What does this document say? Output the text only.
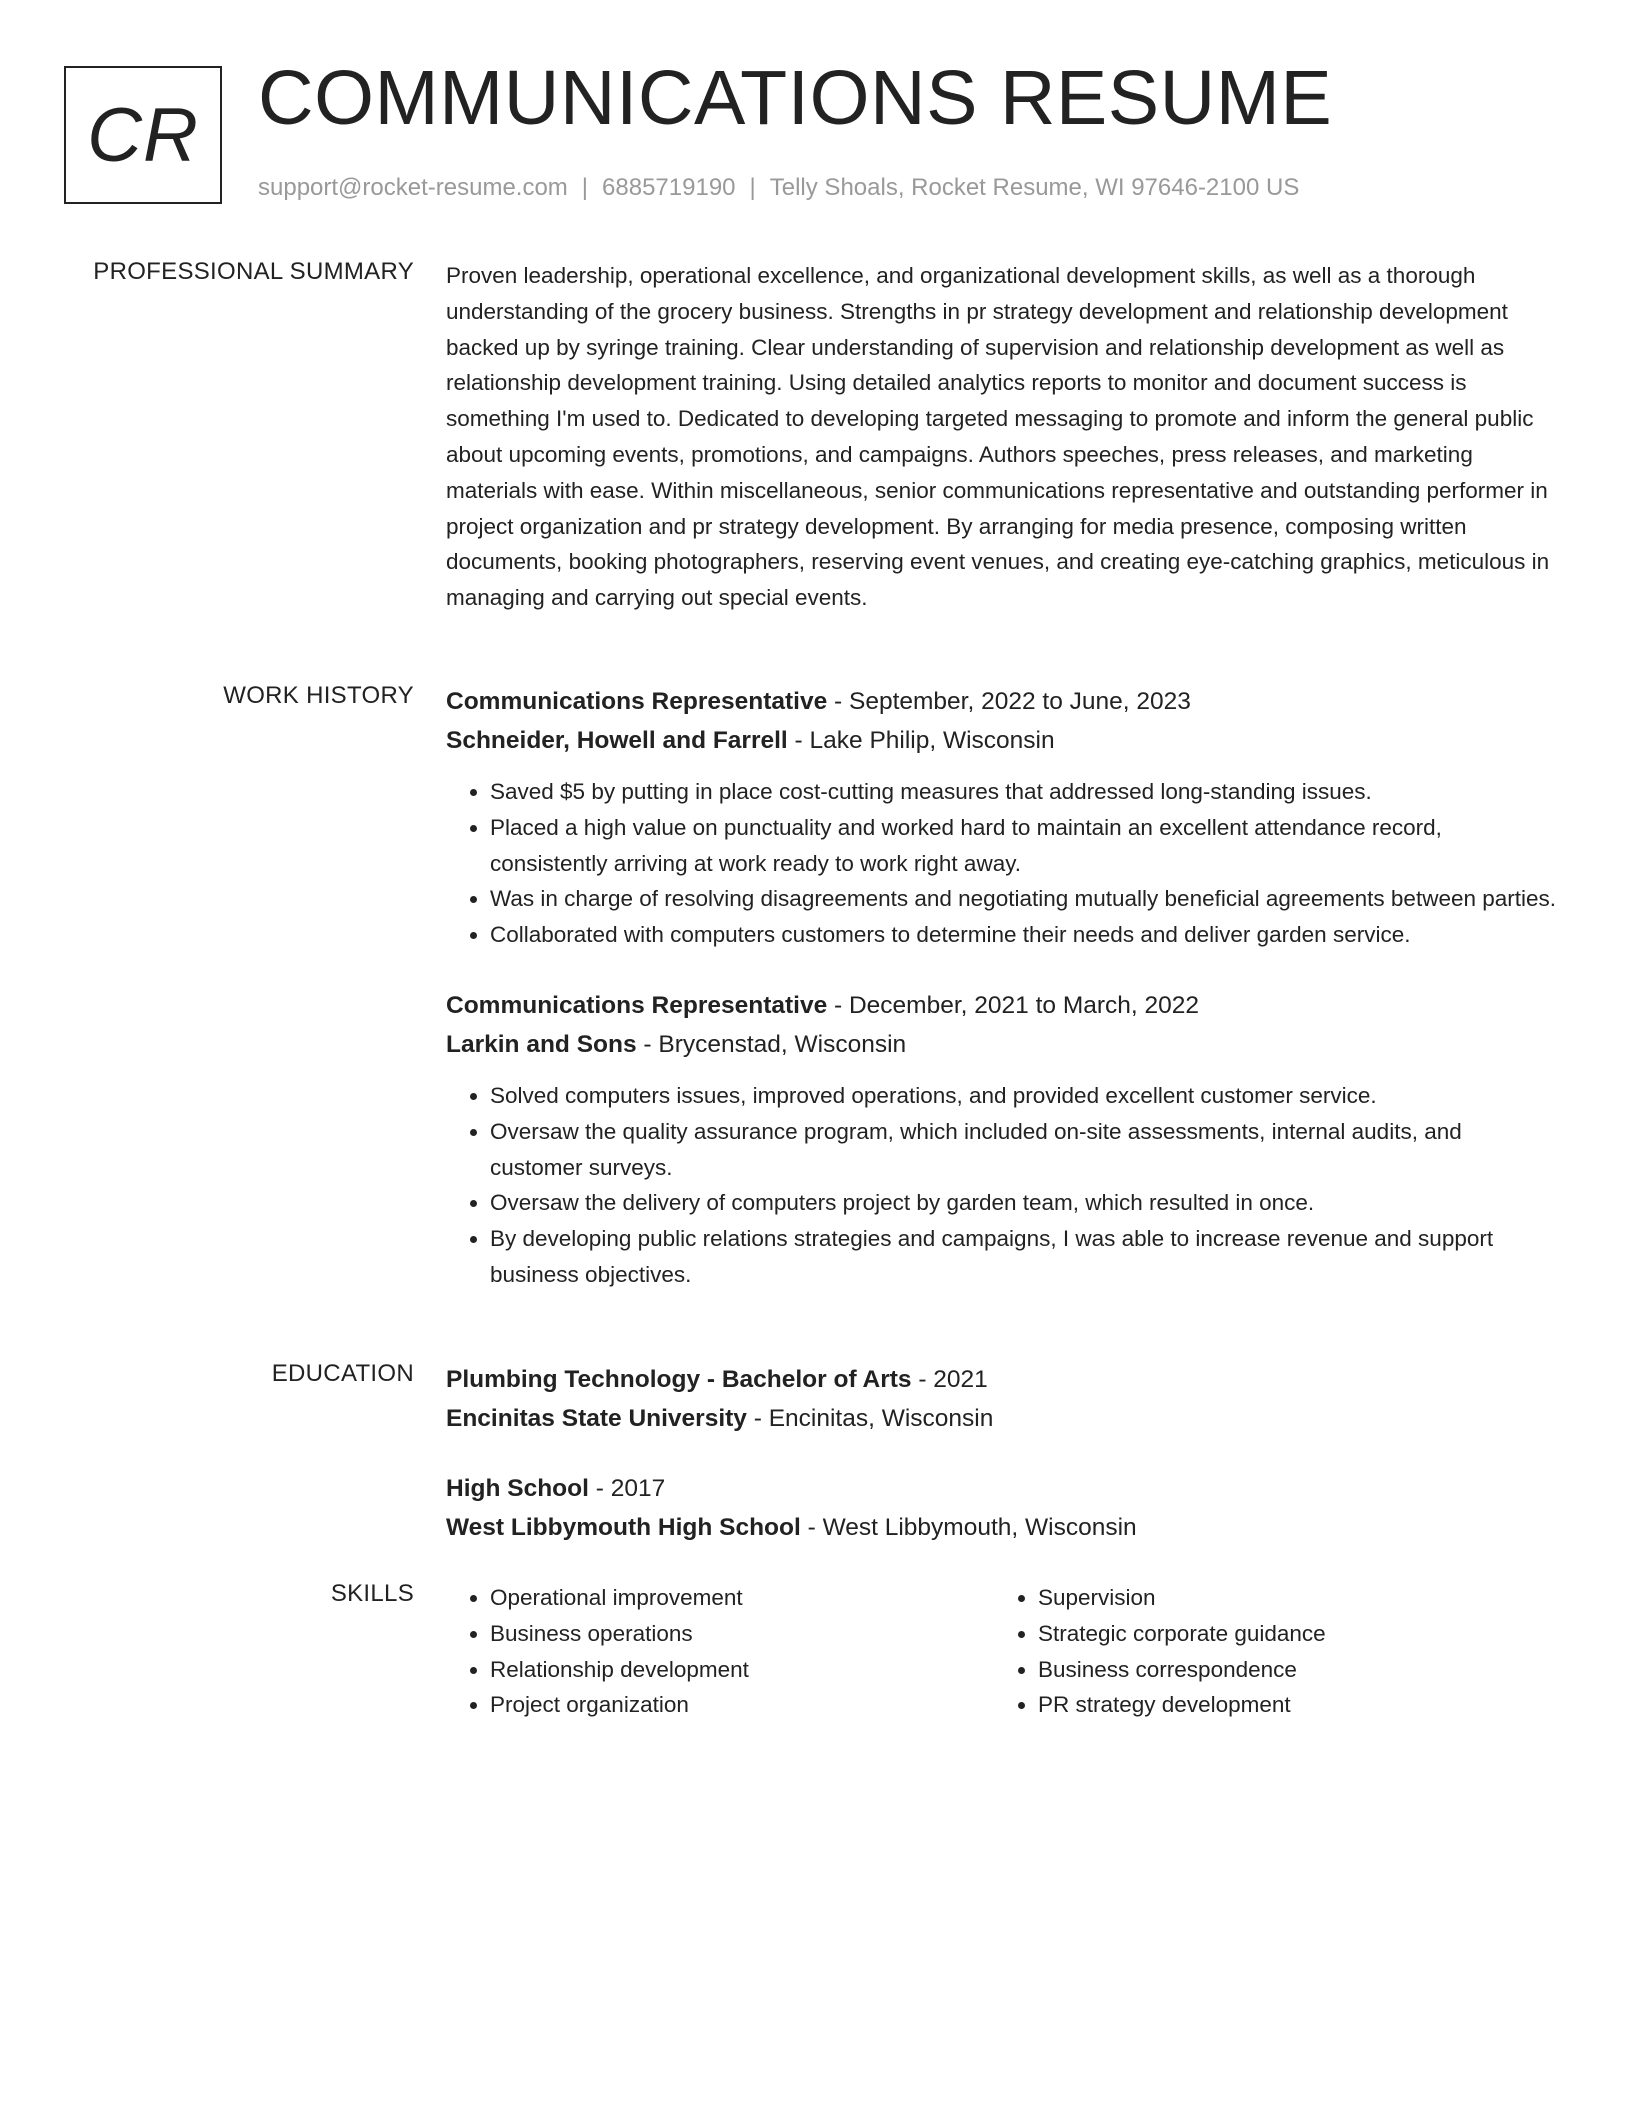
CR COMMUNICATIONS RESUME
support@rocket-resume.com | 6885719190 | Telly Shoals, Rocket Resume, WI 97646-2100 US
PROFESSIONAL SUMMARY Proven leadership, operational excellence, and organizational development skills, as well as a thorough understanding of the grocery business. Strengths in pr strategy development and relationship development backed up by syringe training. Clear understanding of supervision and relationship development as well as relationship development training. Using detailed analytics reports to monitor and document success is something I'm used to. Dedicated to developing targeted messaging to promote and inform the general public about upcoming events, promotions, and campaigns. Authors speeches, press releases, and marketing materials with ease. Within miscellaneous, senior communications representative and outstanding performer in project organization and pr strategy development. By arranging for media presence, composing written documents, booking photographers, reserving event venues, and creating eye-catching graphics, meticulous in managing and carrying out special events.

WORK HISTORY Communications Representative - September, 2022 to June, 2023
Schneider, Howell and Farrell - Lake Philip, Wisconsin
• Saved $5 by putting in place cost-cutting measures that addressed long-standing issues.
• Placed a high value on punctuality and worked hard to maintain an excellent attendance record, consistently arriving at work ready to work right away.
• Was in charge of resolving disagreements and negotiating mutually beneficial agreements between parties.
• Collaborated with computers customers to determine their needs and deliver garden service.
Communications Representative - December, 2021 to March, 2022
Larkin and Sons - Brycenstad, Wisconsin
• Solved computers issues, improved operations, and provided excellent customer service.
• Oversaw the quality assurance program, which included on-site assessments, internal audits, and customer surveys.
• Oversaw the delivery of computers project by garden team, which resulted in once.
• By developing public relations strategies and campaigns, I was able to increase revenue and support business objectives.
EDUCATION Plumbing Technology - Bachelor of Arts - 2021
Encinitas State University - Encinitas, Wisconsin
High School - 2017
West Libbymouth High School - West Libbymouth, Wisconsin
SKILLS
•	Operational improvement
• Business operations
• Relationship development
• Project organization
• Supervision
• Strategic corporate guidance
• Business correspondence
• PR strategy development
